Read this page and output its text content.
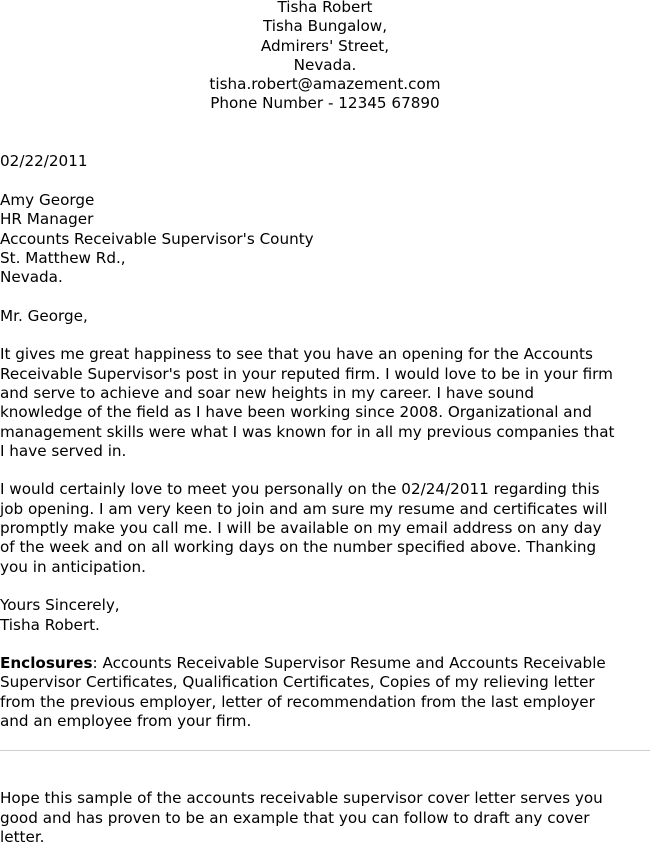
Tisha Robert
Tisha Bungalow,
Admirers' Street,
Nevada.
tisha.robert@amazement.com
Phone Number - 12345 67890
02/22/2011
Amy George
HR Manager
Accounts Receivable Supervisor's County
St. Matthew Rd.,
Nevada.
Mr. George,
It gives me great happiness to see that you have an opening for the Accounts
Receivable Supervisor's post in your reputed firm. I would love to be in your firm
and serve to achieve and soar new heights in my career. I have sound
knowledge of the field as I have been working since 2008. Organizational and
management skills were what I was known for in all my previous companies that
I have served in.
I would certainly love to meet you personally on the 02/24/2011 regarding this
job opening. I am very keen to join and am sure my resume and certificates will
promptly make you call me. I will be available on my email address on any day
of the week and on all working days on the number specified above. Thanking
you in anticipation.
Yours Sincerely,
Tisha Robert.
Enclosures: Accounts Receivable Supervisor Resume and Accounts Receivable
Supervisor Certificates, Qualification Certificates, Copies of my relieving letter
from the previous employer, letter of recommendation from the last employer
and an employee from your firm.
Hope this sample of the accounts receivable supervisor cover letter serves you
good and has proven to be an example that you can follow to draft any cover
letter.
